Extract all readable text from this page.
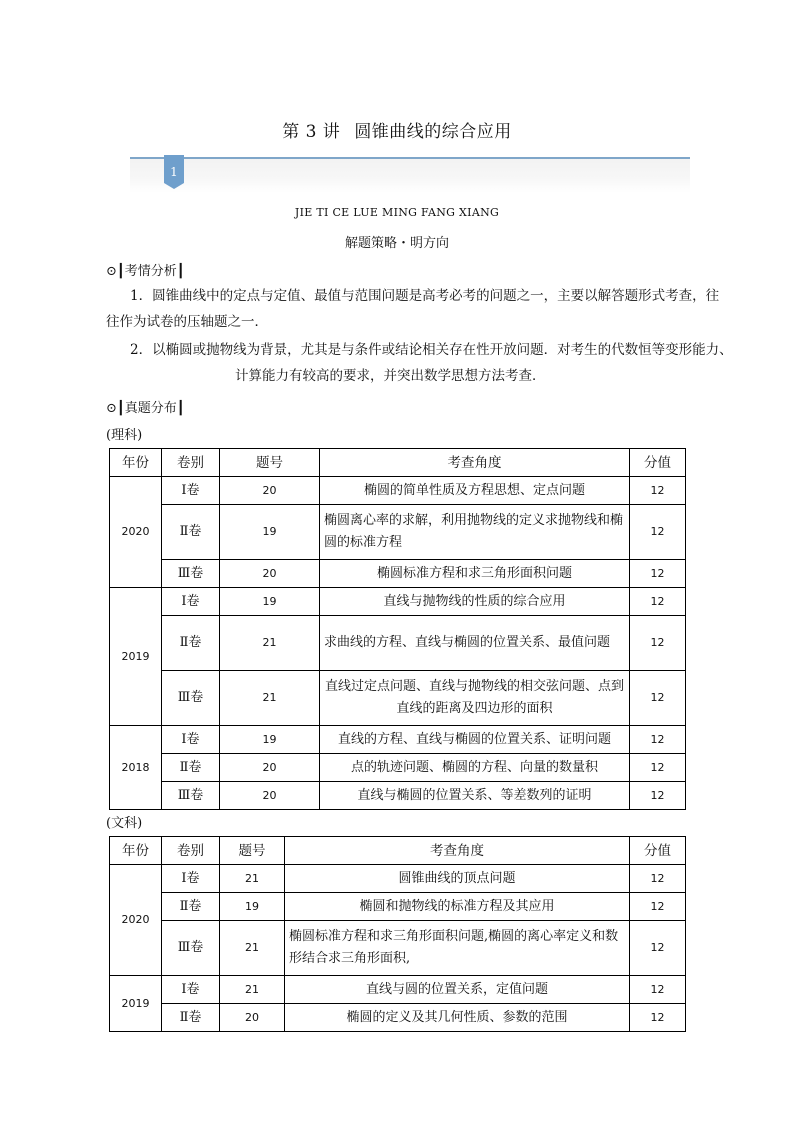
第 3 讲 圆锥曲线的综合应用
1
JIE TI CE LUE MING FANG XIANG
解题策略・明方向
⊙┃考情分析┃
1．圆锥曲线中的定点与定值、最值与范围问题是高考必考的问题之一，主要以解答题形式考查，往
往作为试卷的压轴题之一．
2．以椭圆或抛物线为背景，尤其是与条件或结论相关存在性开放问题．对考生的代数恒等变形能力、
计算能力有较高的要求，并突出数学思想方法考查．
⊙┃真题分布┃
(理科)
年份	卷别	题号	考查角度	分值
2020	Ⅰ卷	20	椭圆的简单性质及方程思想、定点问题	12
	Ⅱ卷	19	椭圆离心率的求解，利用抛物线的定义求抛物线和椭圆的标准方程	12
	Ⅲ卷	20	椭圆标准方程和求三角形面积问题	12
2019	Ⅰ卷	19	直线与抛物线的性质的综合应用	12
	Ⅱ卷	21	求曲线的方程、直线与椭圆的位置关系、最值问题	12
	Ⅲ卷	21	直线过定点问题、直线与抛物线的相交弦问题、点到直线的距离及四边形的面积	12
2018	Ⅰ卷	19	直线的方程、直线与椭圆的位置关系、证明问题	12
	Ⅱ卷	20	点的轨迹问题、椭圆的方程、向量的数量积	12
	Ⅲ卷	20	直线与椭圆的位置关系、等差数列的证明	12
(文科)
年份	卷别	题号	考查角度	分值
2020	Ⅰ卷	21	圆锥曲线的顶点问题	12
	Ⅱ卷	19	椭圆和抛物线的标准方程及其应用	12
	Ⅲ卷	21	椭圆标准方程和求三角形面积问题,椭圆的离心率定义和数形结合求三角形面积,	12
2019	Ⅰ卷	21	直线与圆的位置关系，定值问题	12
	Ⅱ卷	20	椭圆的定义及其几何性质、参数的范围	12
